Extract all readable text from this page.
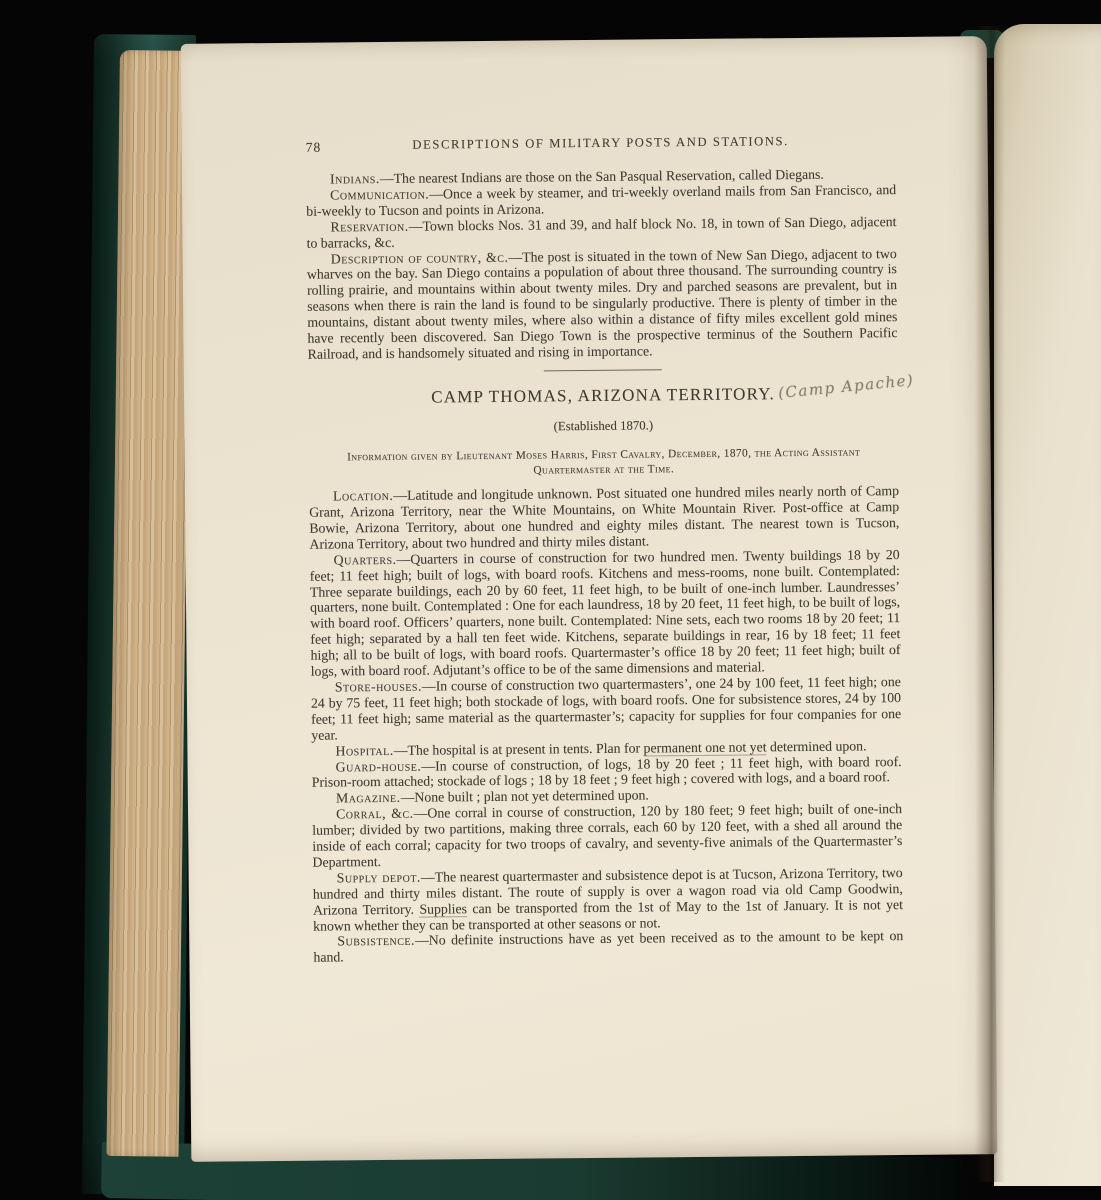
78	DESCRIPTIONS OF MILITARY POSTS AND STATIONS.

Indians.—The nearest Indians are those on the San Pasqual Reservation, called Diegans.

Communication.—Once a week by steamer, and tri-weekly overland mails from San Francisco, and bi-weekly to Tucson and points in Arizona.

Reservation.—Town blocks Nos. 31 and 39, and half block No. 18, in town of San Diego, adjacent to barracks, &c.

Description of country, &c.—The post is situated in the town of New San Diego, adjacent to two wharves on the bay. San Diego contains a population of about three thousand. The surrounding country is rolling prairie, and mountains within about twenty miles. Dry and parched seasons are prevalent, but in seasons when there is rain the land is found to be singularly productive. There is plenty of timber in the mountains, distant about twenty miles, where also within a distance of fifty miles excellent gold mines have recently been discovered. San Diego Town is the prospective terminus of the Southern Pacific Railroad, and is handsomely situated and rising in importance.

CAMP THOMAS, ARIZONA TERRITORY. (Camp Apache)
(Established 1870.)
Information given by Lieutenant Moses Harris, First Cavalry, December, 1870, the Acting Assistant Quartermaster at the Time.

Location.—Latitude and longitude unknown. Post situated one hundred miles nearly north of Camp Grant, Arizona Territory, near the White Mountains, on White Mountain River. Post-office at Camp Bowie, Arizona Territory, about one hundred and eighty miles distant. The nearest town is Tucson, Arizona Territory, about two hundred and thirty miles distant.

Quarters.—Quarters in course of construction for two hundred men. Twenty buildings 18 by 20 feet; 11 feet high; built of logs, with board roofs. Kitchens and mess-rooms, none built. Contemplated: Three separate buildings, each 20 by 60 feet, 11 feet high, to be built of one-inch lumber. Laundresses’ quarters, none built. Contemplated : One for each laundress, 18 by 20 feet, 11 feet high, to be built of logs, with board roof. Officers’ quarters, none built. Contemplated: Nine sets, each two rooms 18 by 20 feet; 11 feet high; separated by a hall ten feet wide. Kitchens, separate buildings in rear, 16 by 18 feet; 11 feet high; all to be built of logs, with board roofs. Quartermaster’s office 18 by 20 feet; 11 feet high; built of logs, with board roof. Adjutant’s office to be of the same dimensions and material.

Store-houses.—In course of construction two quartermasters’, one 24 by 100 feet, 11 feet high; one 24 by 75 feet, 11 feet high; both stockade of logs, with board roofs. One for subsistence stores, 24 by 100 feet; 11 feet high; same material as the quartermaster’s; capacity for supplies for four companies for one year.

Hospital.—The hospital is at present in tents. Plan for permanent one not yet determined upon.

Guard-house.—In course of construction, of logs, 18 by 20 feet ; 11 feet high, with board roof. Prison-room attached; stockade of logs ; 18 by 18 feet ; 9 feet high ; covered with logs, and a board roof.

Magazine.—None built ; plan not yet determined upon.

Corral, &c.—One corral in course of construction, 120 by 180 feet; 9 feet high; built of one-inch lumber; divided by two partitions, making three corrals, each 60 by 120 feet, with a shed all around the inside of each corral; capacity for two troops of cavalry, and seventy-five animals of the Quartermaster’s Department.

Supply depot.—The nearest quartermaster and subsistence depot is at Tucson, Arizona Territory, two hundred and thirty miles distant. The route of supply is over a wagon road via old Camp Goodwin, Arizona Territory. Supplies can be transported from the 1st of May to the 1st of January. It is not yet known whether they can be transported at other seasons or not.

Subsistence.—No definite instructions have as yet been received as to the amount to be kept on hand.
